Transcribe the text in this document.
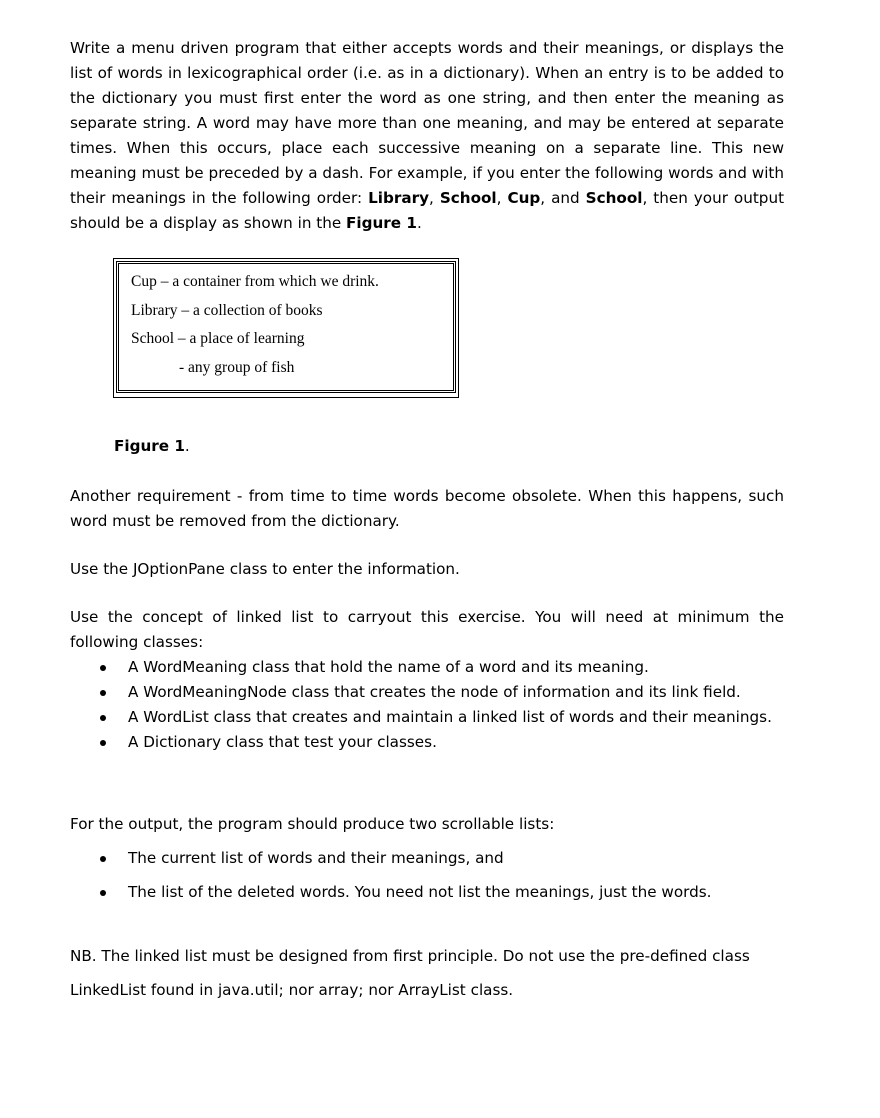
Write a menu driven program that either accepts words and their meanings, or displays the list of words in lexicographical order (i.e. as in a dictionary). When an entry is to be added to the dictionary you must first enter the word as one string, and then enter the meaning as separate string. A word may have more than one meaning, and may be entered at separate times. When this occurs, place each successive meaning on a separate line. This new meaning must be preceded by a dash. For example, if you enter the following words and with their meanings in the following order: Library, School, Cup, and School, then your output should be a display as shown in the Figure 1.

Cup – a container from which we drink.
Library – a collection of books
School – a place of learning
- any group of fish
Figure 1.

Another requirement - from time to time words become obsolete. When this happens, such word must be removed from the dictionary.

Use the JOptionPane class to enter the information.

Use the concept of linked list to carryout this exercise. You will need at minimum the following classes:

A WordMeaning class that hold the name of a word and its meaning.
A WordMeaningNode class that creates the node of information and its link field.
A WordList class that creates and maintain a linked list of words and their meanings.
A Dictionary class that test your classes.

For the output, the program should produce two scrollable lists:

The current list of words and their meanings, and
The list of the deleted words. You need not list the meanings, just the words.

NB. The linked list must be designed from first principle. Do not use the pre-defined class LinkedList found in java.util; nor array; nor ArrayList class.
